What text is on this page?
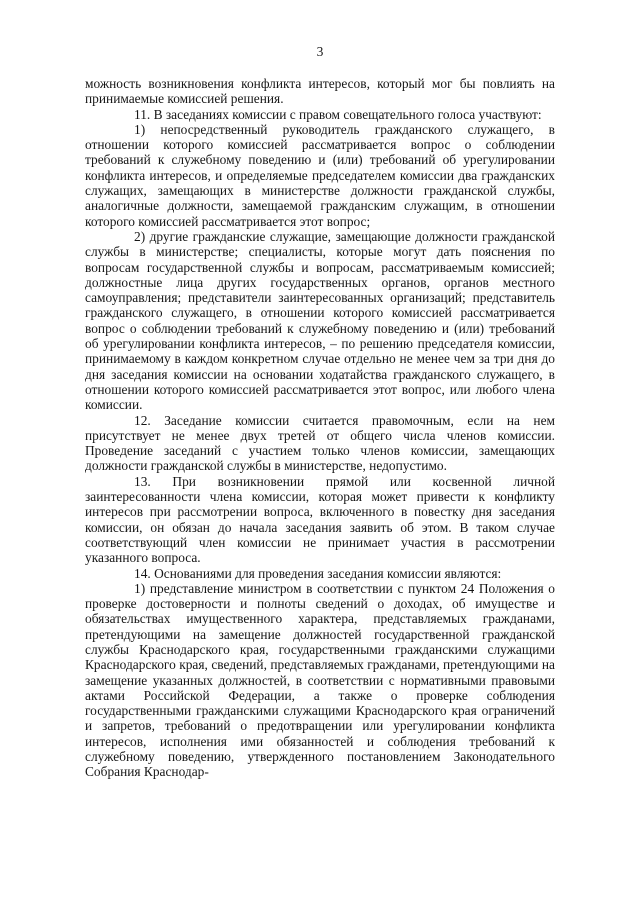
3

можность возникновения конфликта интересов, который мог бы повлиять на принимаемые комиссией решения.

11. В заседаниях комиссии с правом совещательного голоса участвуют:

1) непосредственный руководитель гражданского служащего, в отношении которого комиссией рассматривается вопрос о соблюдении требований к служебному поведению и (или) требований об урегулировании конфликта интересов, и определяемые председателем комиссии два гражданских служащих, замещающих в министерстве должности гражданской службы, аналогичные должности, замещаемой гражданским служащим, в отношении которого комиссией рассматривается этот вопрос;

2) другие гражданские служащие, замещающие должности гражданской службы в министерстве; специалисты, которые могут дать пояснения по вопросам государственной службы и вопросам, рассматриваемым комиссией; должностные лица других государственных органов, органов местного самоуправления; представители заинтересованных организаций; представитель гражданского служащего, в отношении которого комиссией рассматривается вопрос о соблюдении требований к служебному поведению и (или) требований об урегулировании конфликта интересов, – по решению председателя комиссии, принимаемому в каждом конкретном случае отдельно не менее чем за три дня до дня заседания комиссии на основании ходатайства гражданского служащего, в отношении которого комиссией рассматривается этот вопрос, или любого члена комиссии.

12. Заседание комиссии считается правомочным, если на нем присутствует не менее двух третей от общего числа членов комиссии. Проведение заседаний с участием только членов комиссии, замещающих должности гражданской службы в министерстве, недопустимо.

13. При возникновении прямой или косвенной личной заинтересованности члена комиссии, которая может привести к конфликту интересов при рассмотрении вопроса, включенного в повестку дня заседания комиссии, он обязан до начала заседания заявить об этом. В таком случае соответствующий член комиссии не принимает участия в рассмотрении указанного вопроса.

14. Основаниями для проведения заседания комиссии являются:

1) представление министром в соответствии с пунктом 24 Положения о проверке достоверности и полноты сведений о доходах, об имуществе и обязательствах имущественного характера, представляемых гражданами, претендующими на замещение должностей государственной гражданской службы Краснодарского края, государственными гражданскими служащими Краснодарского края, сведений, представляемых гражданами, претендующими на замещение указанных должностей, в соответствии с нормативными правовыми актами Российской Федерации, а также о проверке соблюдения государственными гражданскими служащими Краснодарского края ограничений и запретов, требований о предотвращении или урегулировании конфликта интересов, исполнения ими обязанностей и соблюдения требований к служебному поведению, утвержденного постановлением Законодательного Собрания Краснодар-
